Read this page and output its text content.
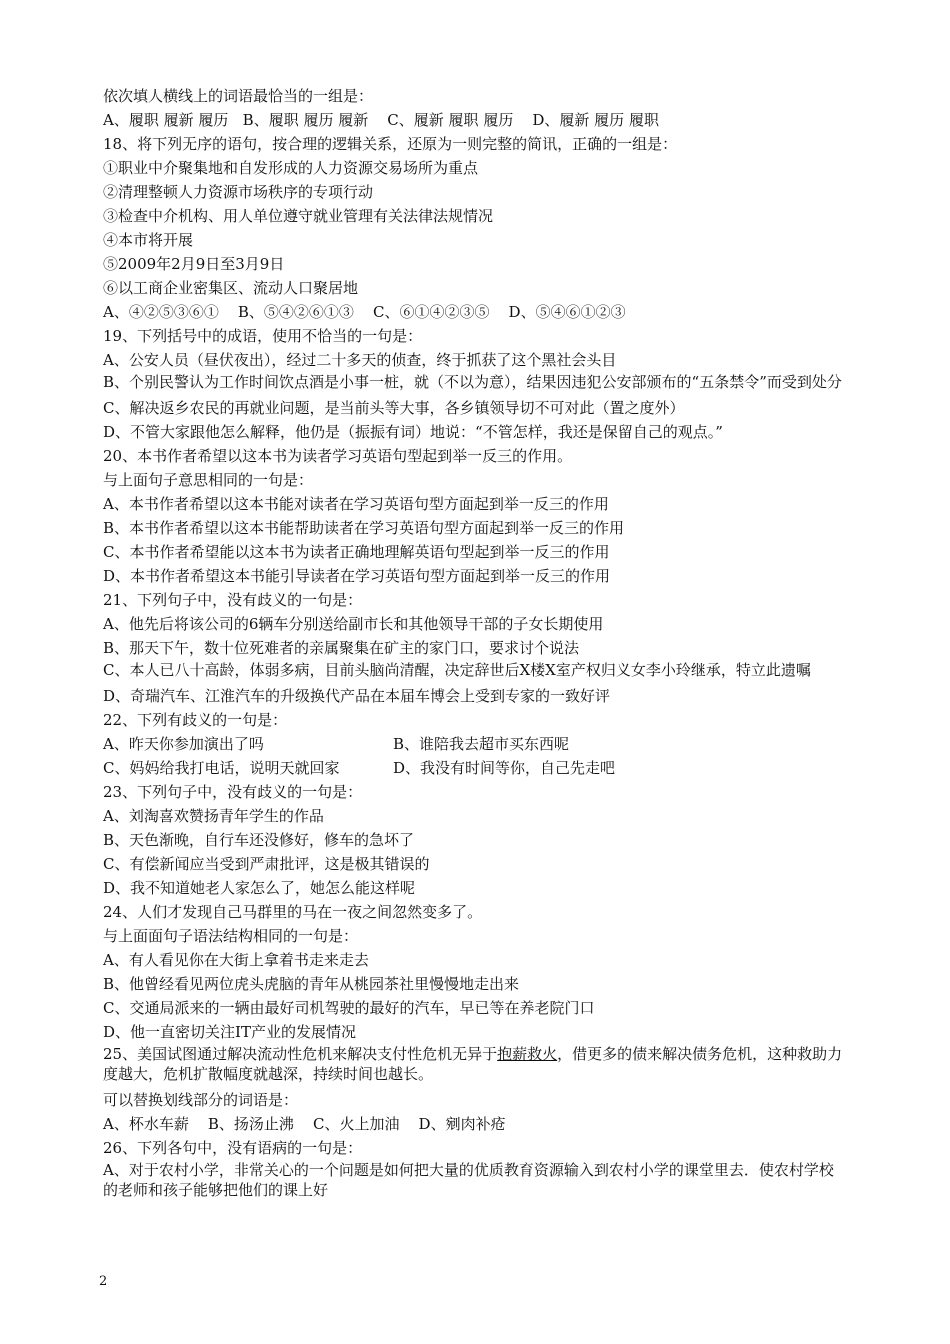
依次填人横线上的词语最恰当的一组是：
A、履职 履新 履历   B、履职 履历 履新    C、履新 履职 履历    D、履新 履历 履职
18、将下列无序的语句，按合理的逻辑关系，还原为一则完整的简讯，正确的一组是：
①职业中介聚集地和自发形成的人力资源交易场所为重点
②清理整顿人力资源市场秩序的专项行动
③检查中介机构、用人单位遵守就业管理有关法律法规情况
④本市将开展
⑤2009年2月9日至3月9日
⑥以工商企业密集区、流动人口聚居地
A、④②⑤③⑥①    B、⑤④②⑥①③    C、⑥①④②③⑤    D、⑤④⑥①②③
19、下列括号中的成语，使用不恰当的一句是：
A、公安人员（昼伏夜出），经过二十多天的侦查，终于抓获了这个黑社会头目
B、个别民警认为工作时间饮点酒是小事一桩，就（不以为意），结果因违犯公安部颁布的“五条禁令”而受到处分
C、解决返乡农民的再就业问题，是当前头等大事，各乡镇领导切不可对此（置之度外）
D、不管大家跟他怎么解释，他仍是（振振有词）地说：“不管怎样，我还是保留自己的观点。”
20、本书作者希望以这本书为读者学习英语句型起到举一反三的作用。
与上面句子意思相同的一句是：
A、本书作者希望以这本书能对读者在学习英语句型方面起到举一反三的作用
B、本书作者希望以这本书能帮助读者在学习英语句型方面起到举一反三的作用
C、本书作者希望能以这本书为读者正确地理解英语句型起到举一反三的作用
D、本书作者希望这本书能引导读者在学习英语句型方面起到举一反三的作用
21、下列句子中，没有歧义的一句是：
A、他先后将该公司的6辆车分别送给副市长和其他领导干部的子女长期使用
B、那天下午，数十位死难者的亲属聚集在矿主的家门口，要求讨个说法
C、本人已八十高龄，体弱多病，目前头脑尚清醒，决定辞世后X楼X室产权归义女李小玲继承，特立此遗嘱
D、奇瑞汽车、江淮汽车的升级换代产品在本届车博会上受到专家的一致好评
22、下列有歧义的一句是：
A、昨天你参加演出了吗	B、谁陪我去超市买东西呢
C、妈妈给我打电话，说明天就回家	D、我没有时间等你，自己先走吧
23、下列句子中，没有歧义的一句是：
A、刘淘喜欢赞扬青年学生的作品
B、天色渐晚，自行车还没修好，修车的急坏了
C、有偿新闻应当受到严肃批评，这是极其错误的
D、我不知道她老人家怎么了，她怎么能这样呢
24、人们才发现自己马群里的马在一夜之间忽然变多了。
与上面面句子语法结构相同的一句是：
A、有人看见你在大街上拿着书走来走去
B、他曾经看见两位虎头虎脑的青年从桃园茶社里慢慢地走出来
C、交通局派来的一辆由最好司机驾驶的最好的汽车，早已等在养老院门口
D、他一直密切关注IT产业的发展情况
25、美国试图通过解决流动性危机来解决支付性危机无异于抱薪救火，借更多的债来解决债务危机，这种救助力度越大，危机扩散幅度就越深，持续时间也越长。
可以替换划线部分的词语是：
A、杯水车薪    B、扬汤止沸    C、火上加油    D、剜肉补疮
26、下列各句中，没有语病的一句是：
A、对于农村小学，非常关心的一个问题是如何把大量的优质教育资源输入到农村小学的课堂里去．使农村学校的老师和孩子能够把他们的课上好
2
